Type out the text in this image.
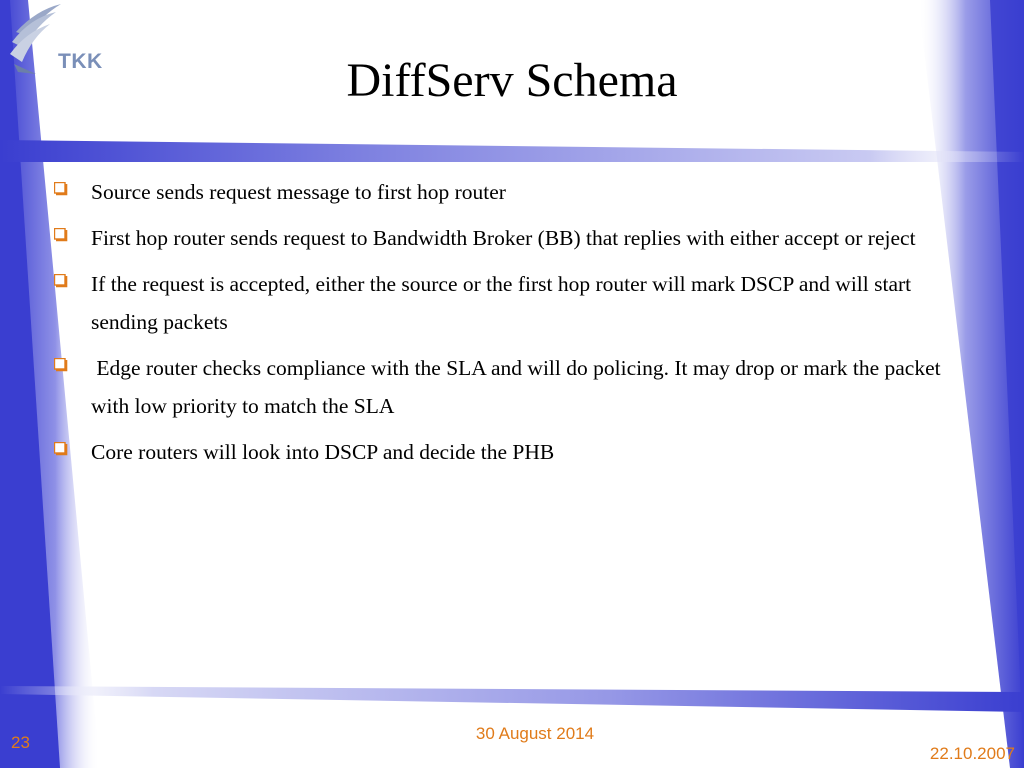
TKK	DiffServ Schema
Source sends request message to first hop router
First hop router sends request to Bandwidth Broker (BB) that replies with either accept or reject
If the request is accepted, either the source or the first hop router will mark DSCP and will start sending packets
Edge router checks compliance with the SLA and will do policing. It may drop or mark the packet with low priority to match the SLA
Core routers will look into DSCP and decide the PHB
30 August 2014
23
22.10.2007
